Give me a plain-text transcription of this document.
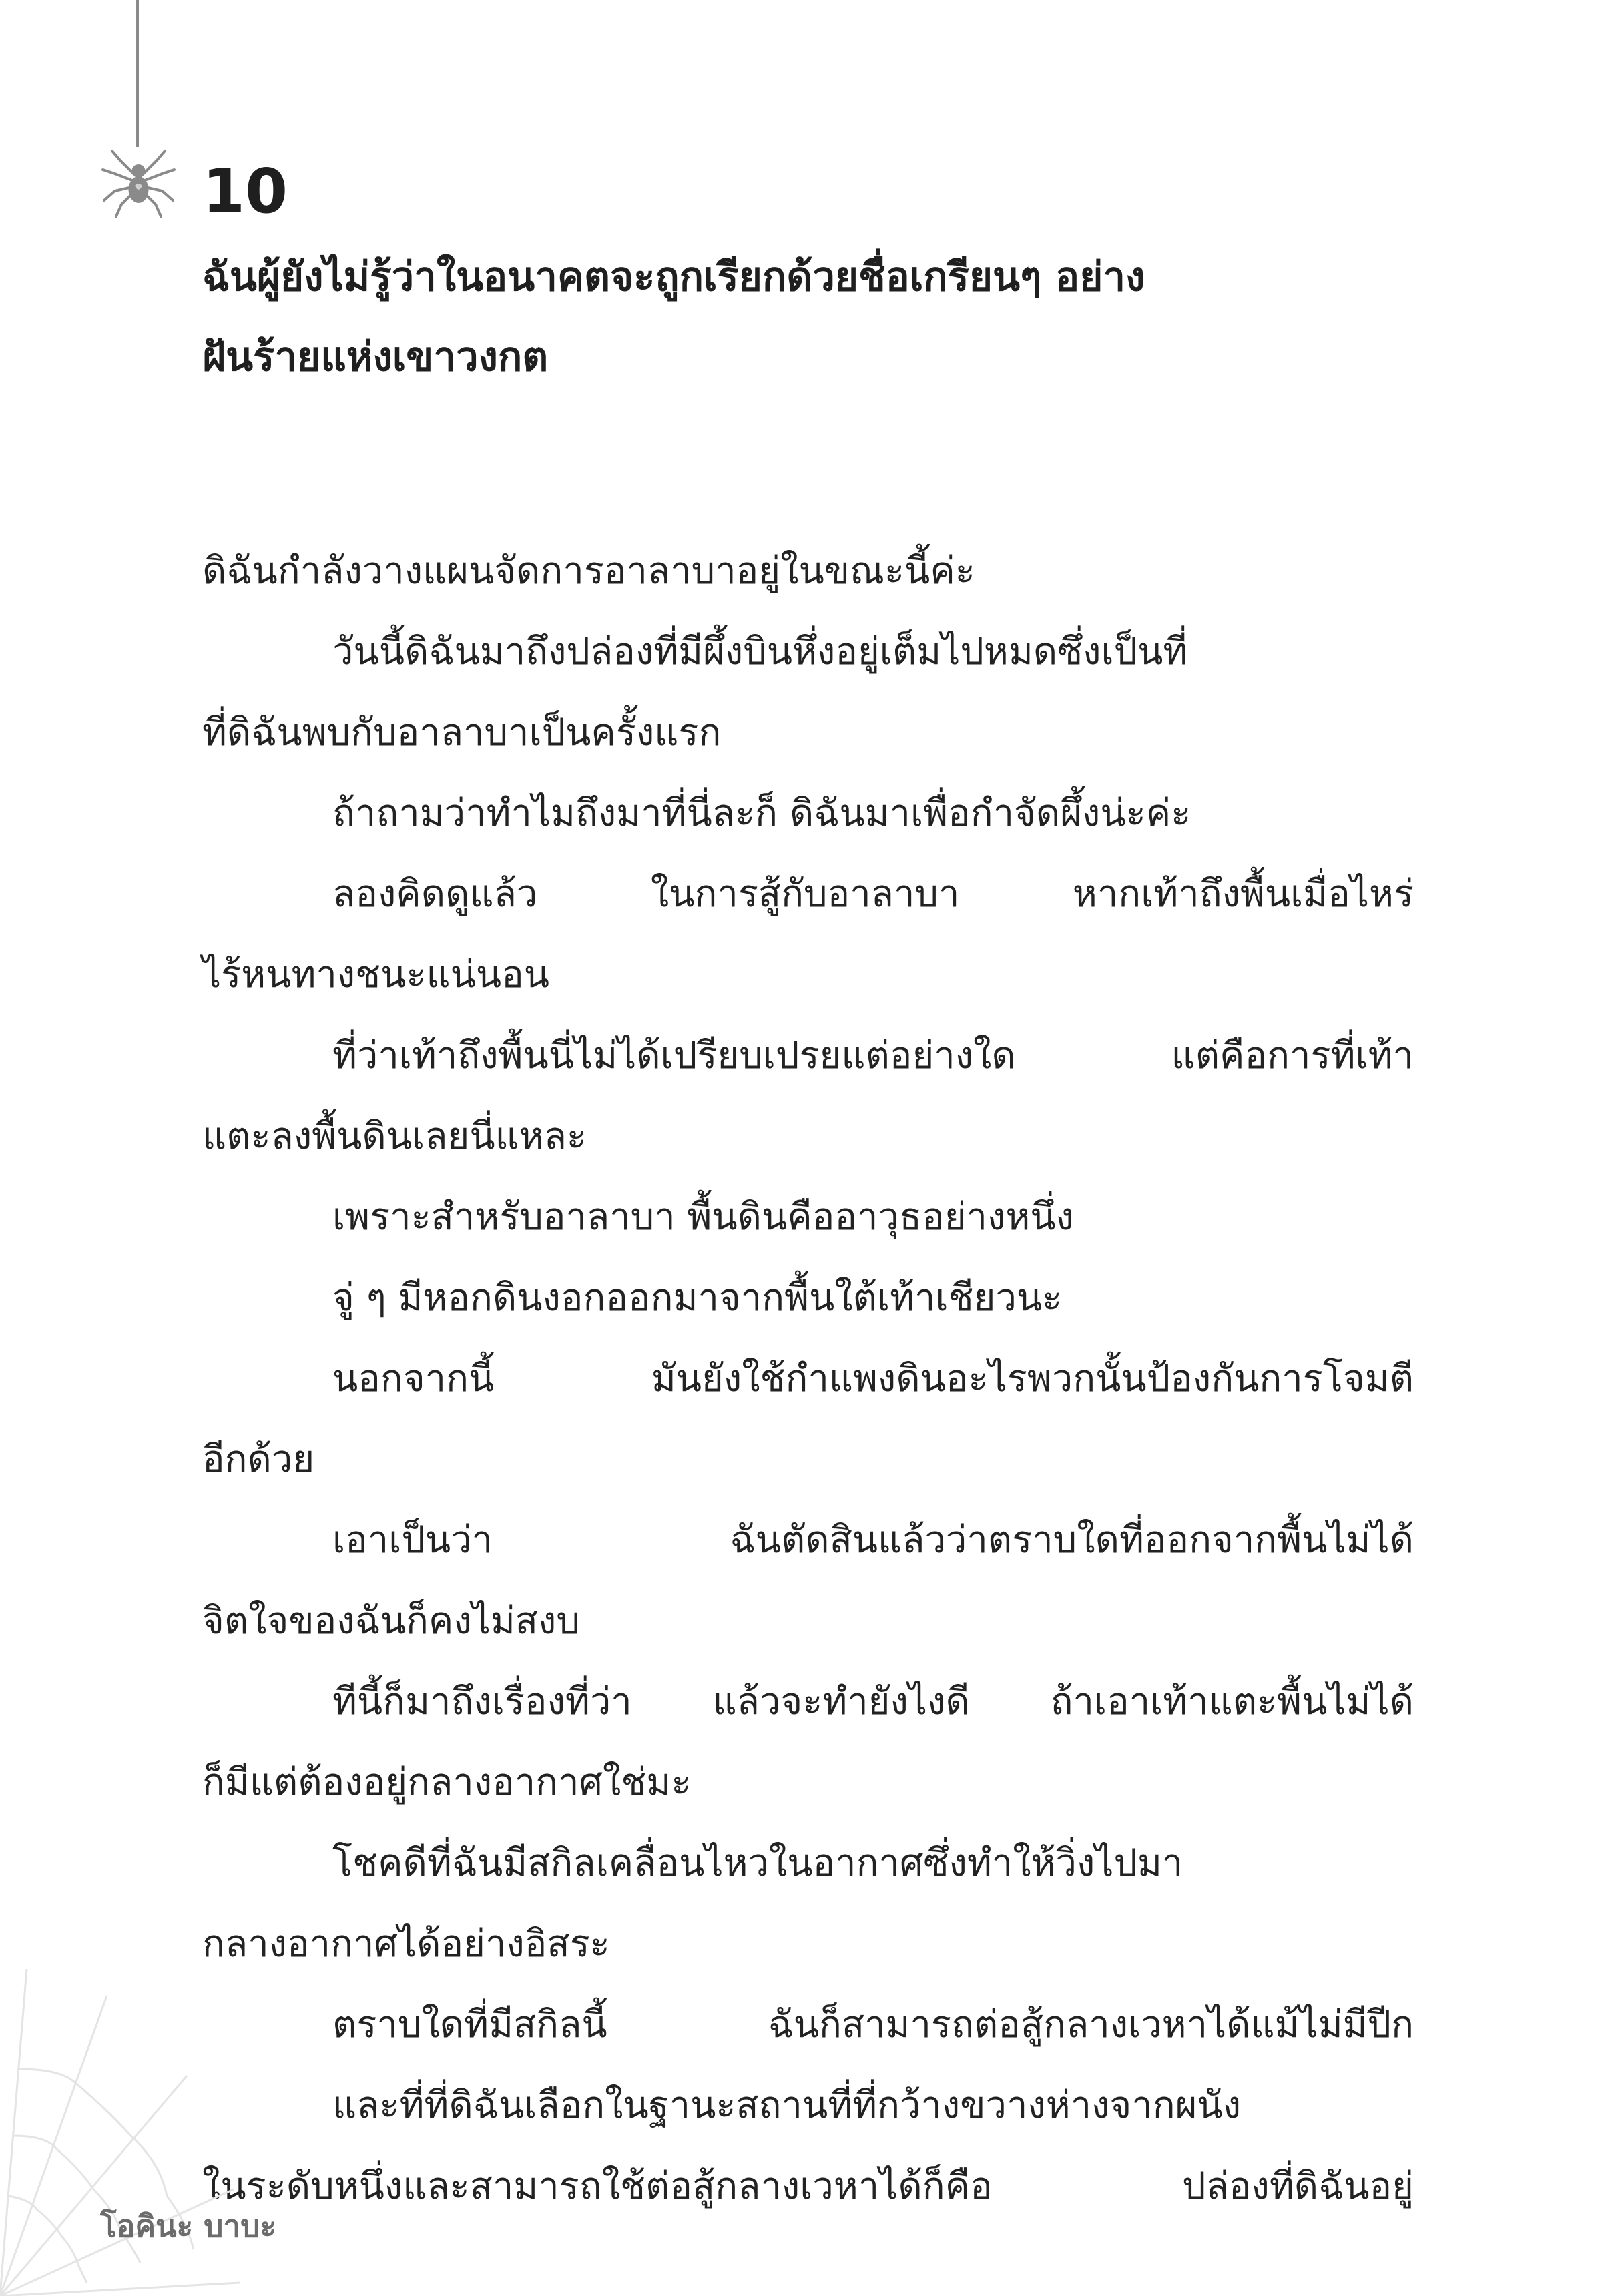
10
ฉันผู้ยังไม่รู้ว่าในอนาคตจะถูกเรียกด้วยชื่อเกรียนๆ อย่าง
ฝันร้ายแห่งเขาวงกต
ดิฉันกำลังวางแผนจัดการอาลาบาอยู่ในขณะนี้ค่ะ
วันนี้ดิฉันมาถึงปล่องที่มีผึ้งบินหึ่งอยู่เต็มไปหมดซึ่งเป็นที่
ที่ดิฉันพบกับอาลาบาเป็นครั้งแรก
ถ้าถามว่าทำไมถึงมาที่นี่ละก็ ดิฉันมาเพื่อกำจัดผึ้งน่ะค่ะ
ลองคิดดูแล้ว ในการสู้กับอาลาบา หากเท้าถึงพื้นเมื่อไหร่
ไร้หนทางชนะแน่นอน
ที่ว่าเท้าถึงพื้นนี่ไม่ได้เปรียบเปรยแต่อย่างใด แต่คือการที่เท้า
แตะลงพื้นดินเลยนี่แหละ
เพราะสำหรับอาลาบา พื้นดินคืออาวุธอย่างหนึ่ง
จู่ ๆ มีหอกดินงอกออกมาจากพื้นใต้เท้าเชียวนะ
นอกจากนี้ มันยังใช้กำแพงดินอะไรพวกนั้นป้องกันการโจมตี
อีกด้วย
เอาเป็นว่า ฉันตัดสินแล้วว่าตราบใดที่ออกจากพื้นไม่ได้
จิตใจของฉันก็คงไม่สงบ
ทีนี้ก็มาถึงเรื่องที่ว่า แล้วจะทำยังไงดี ถ้าเอาเท้าแตะพื้นไม่ได้
ก็มีแต่ต้องอยู่กลางอากาศใช่มะ
โชคดีที่ฉันมีสกิลเคลื่อนไหวในอากาศซึ่งทำให้วิ่งไปมา
กลางอากาศได้อย่างอิสระ
ตราบใดที่มีสกิลนี้ ฉันก็สามารถต่อสู้กลางเวหาได้แม้ไม่มีปีก
และที่ที่ดิฉันเลือกในฐานะสถานที่ที่กว้างขวางห่างจากผนัง
ในระดับหนึ่งและสามารถใช้ต่อสู้กลางเวหาได้ก็คือ ปล่องที่ดิฉันอยู่

โอคินะ บาบะ
